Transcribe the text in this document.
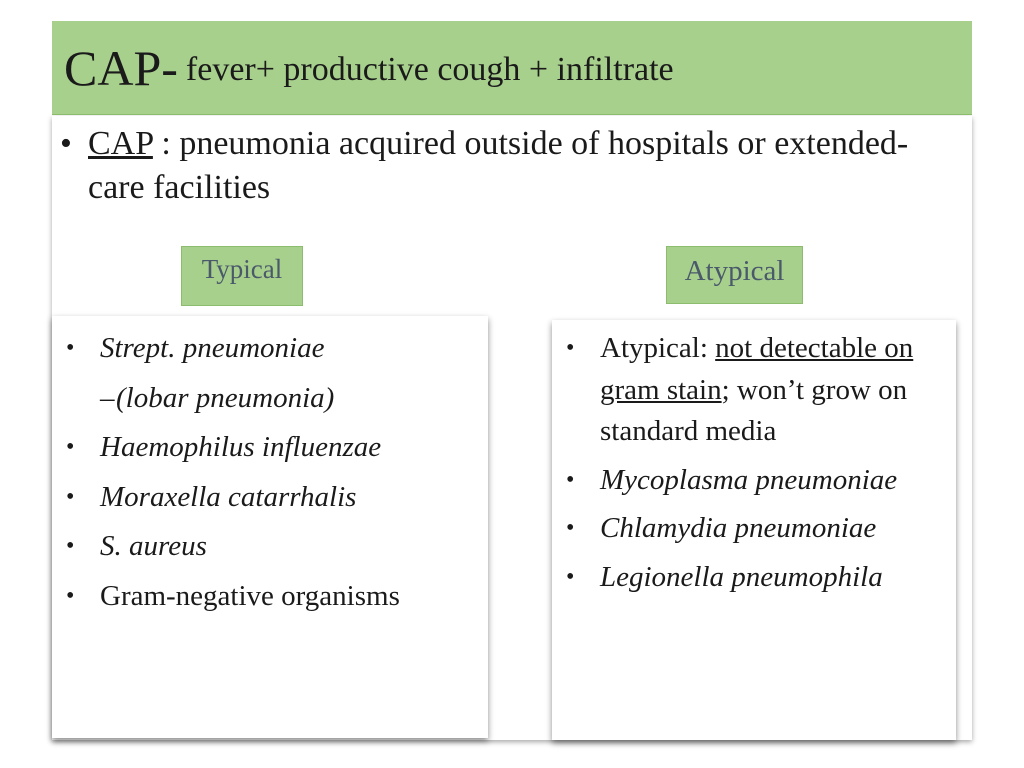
CAP- fever+ productive cough + infiltrate
• CAP : pneumonia acquired outside of hospitals or extended-care facilities
Typical	Atypical
• Strept. pneumoniae
– (lobar pneumonia)
• Haemophilus influenzae
• Moraxella catarrhalis
• S. aureus
• Gram-negative organisms
• Atypical: not detectable on gram stain; won’t grow on standard media
• Mycoplasma pneumoniae
• Chlamydia pneumoniae
• Legionella pneumophila
